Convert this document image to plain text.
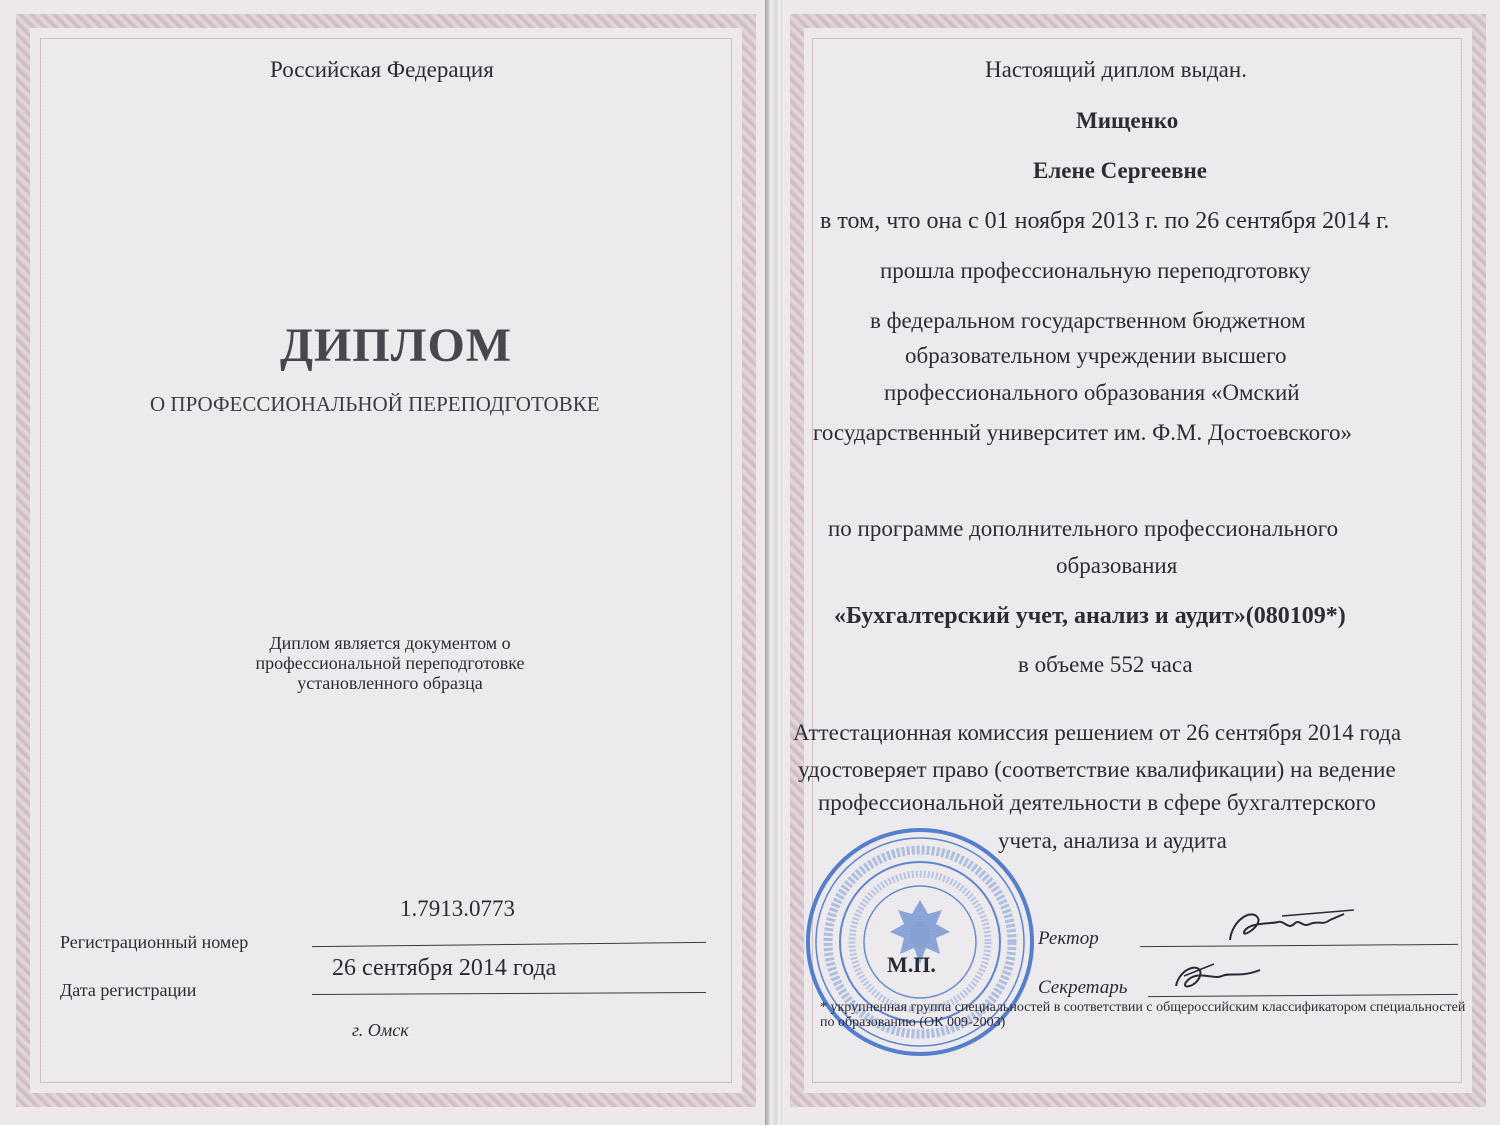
Российская Федерация
ДИПЛОМ
О ПРОФЕССИОНАЛЬНОЙ ПЕРЕПОДГОТОВКЕ
Диплом является документом о профессиональной переподготовке установленного образца
1.7913.0773
Регистрационный номер
26 сентября 2014 года
Дата регистрации
г. Омск
Настоящий диплом выдан.
Мищенко
Елене Сергеевне
в том, что она с 01 ноября 2013 г. по 26 сентября 2014 г.
прошла профессиональную переподготовку
в федеральном государственном бюджетном
образовательном учреждении высшего
профессионального образования «Омский
государственный университет им. Ф.М. Достоевского»
по программе дополнительного профессионального
образования
«Бухгалтерский учет, анализ и аудит»(080109*)
в объеме 552 часа
Аттестационная комиссия решением от 26 сентября 2014 года
удостоверяет право (соответствие квалификации) на ведение
профессиональной деятельности в сфере бухгалтерского
учета, анализа и аудита
М.П.
Ректор
Секретарь
* укрупненная группа специальностей в соответствии с общероссийским классификатором специальностей по образованию (ОК 009-2003)
